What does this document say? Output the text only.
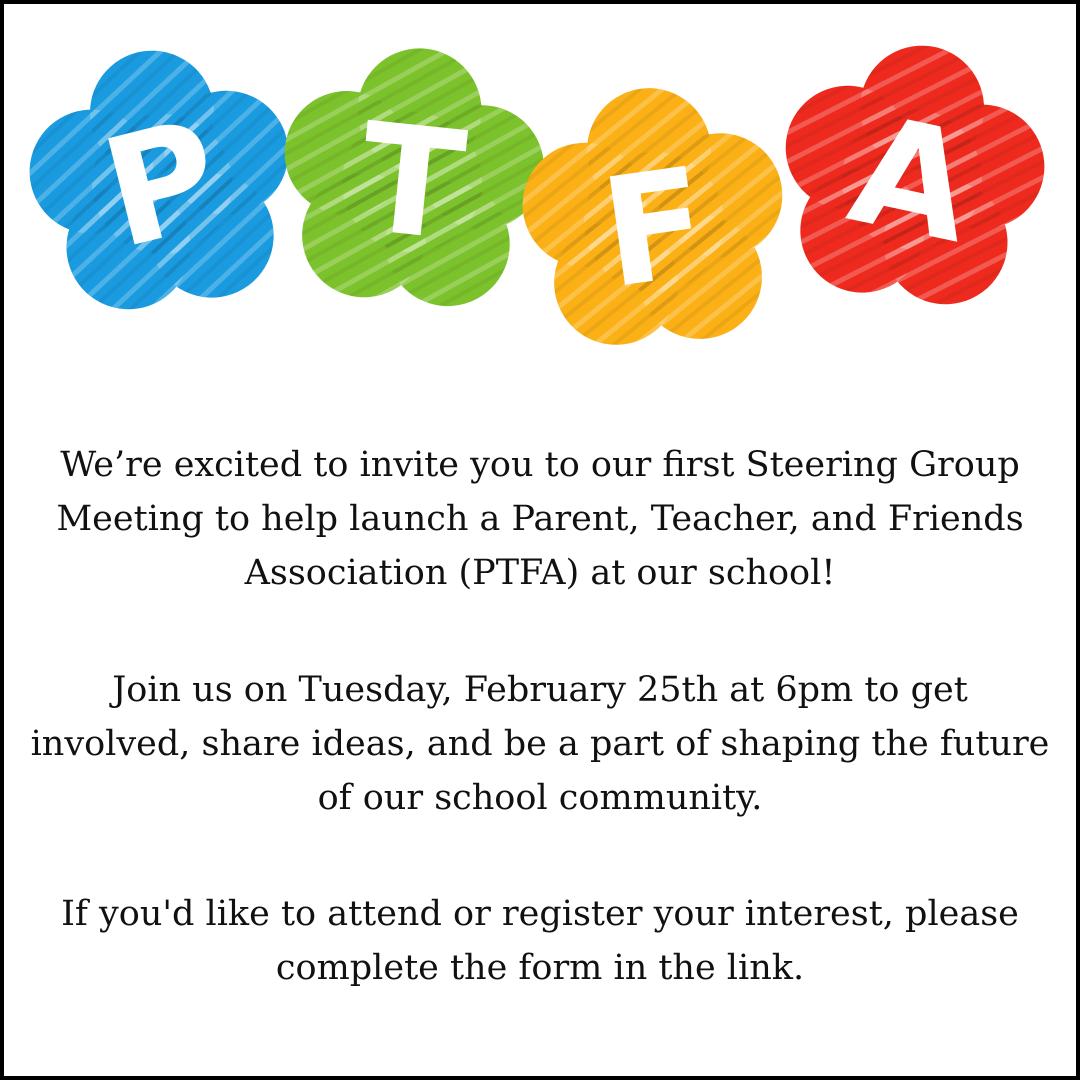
P T F A

We’re excited to invite you to our first Steering Group
Meeting to help launch a Parent, Teacher, and Friends
Association (PTFA) at our school!

Join us on Tuesday, February 25th at 6pm to get
involved, share ideas, and be a part of shaping the future
of our school community.

If you'd like to attend or register your interest, please
complete the form in the link.
